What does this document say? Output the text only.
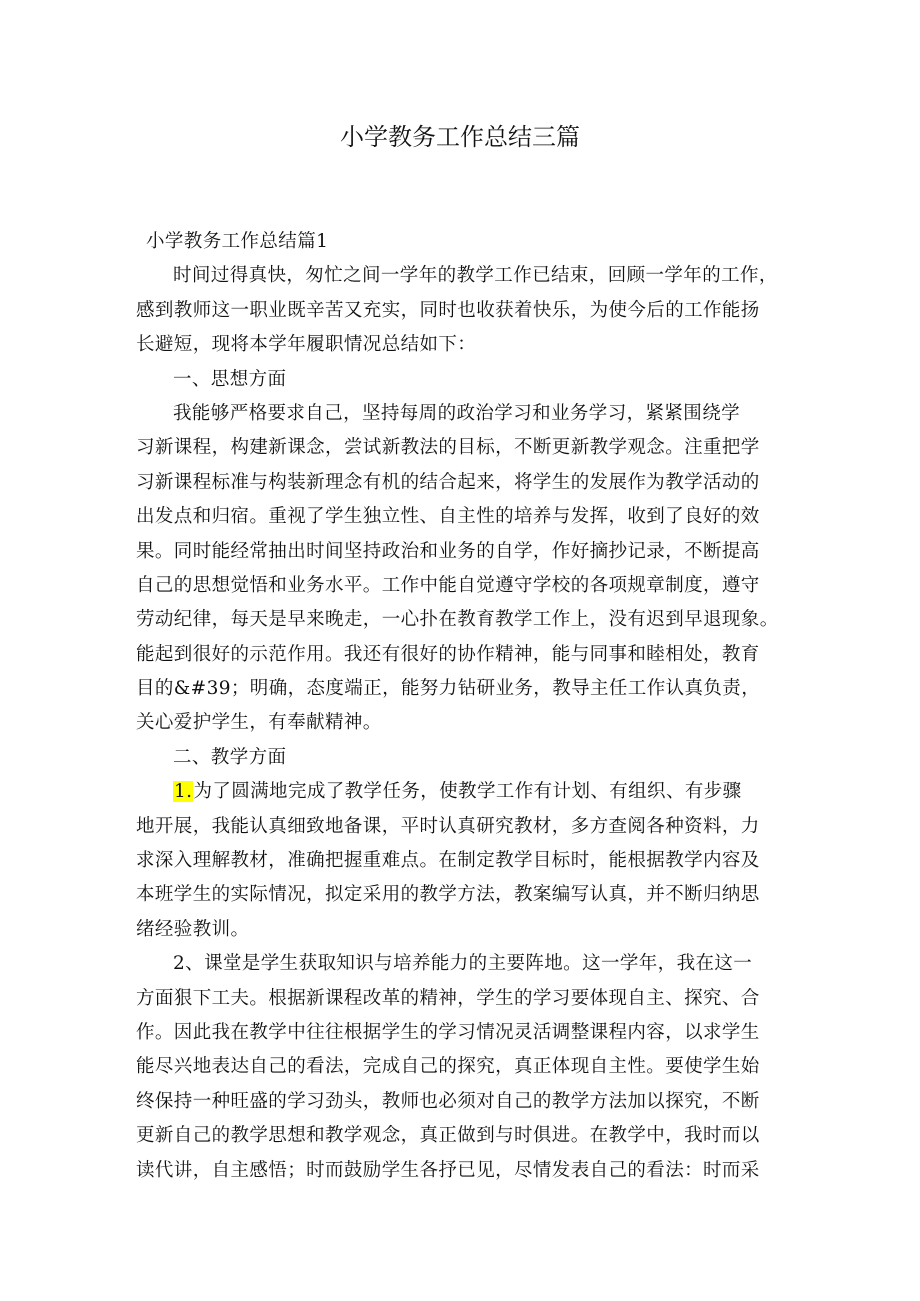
小学教务工作总结三篇
小学教务工作总结篇1
时间过得真快，匆忙之间一学年的教学工作已结束，回顾一学年的工作，
感到教师这一职业既辛苦又充实，同时也收获着快乐，为使今后的工作能扬
长避短，现将本学年履职情况总结如下：
一、思想方面
我能够严格要求自己，坚持每周的政治学习和业务学习，紧紧围绕学
习新课程，构建新课念，尝试新教法的目标，不断更新教学观念。注重把学
习新课程标准与构装新理念有机的结合起来，将学生的发展作为教学活动的
出发点和归宿。重视了学生独立性、自主性的培养与发挥，收到了良好的效
果。同时能经常抽出时间坚持政治和业务的自学，作好摘抄记录，不断提高
自己的思想觉悟和业务水平。工作中能自觉遵守学校的各项规章制度，遵守
劳动纪律，每天是早来晚走，一心扑在教育教学工作上，没有迟到早退现象。
能起到很好的示范作用。我还有很好的协作精神，能与同事和睦相处，教育
目的&#39；明确，态度端正，能努力钻研业务，教导主任工作认真负责，
关心爱护学生，有奉献精神。
二、教学方面
1.为了圆满地完成了教学任务，使教学工作有计划、有组织、有步骤
地开展，我能认真细致地备课，平时认真研究教材，多方查阅各种资料，力
求深入理解教材，准确把握重难点。在制定教学目标时，能根据教学内容及
本班学生的实际情况，拟定采用的教学方法，教案编写认真，并不断归纳思
绪经验教训。
2、课堂是学生获取知识与培养能力的主要阵地。这一学年，我在这一
方面狠下工夫。根据新课程改革的精神，学生的学习要体现自主、探究、合
作。因此我在教学中往往根据学生的学习情况灵活调整课程内容，以求学生
能尽兴地表达自己的看法，完成自己的探究，真正体现自主性。要使学生始
终保持一种旺盛的学习劲头，教师也必须对自己的教学方法加以探究，不断
更新自己的教学思想和教学观念，真正做到与时俱进。在教学中，我时而以
读代讲，自主感悟；时而鼓励学生各抒已见，尽情发表自己的看法：时而采
